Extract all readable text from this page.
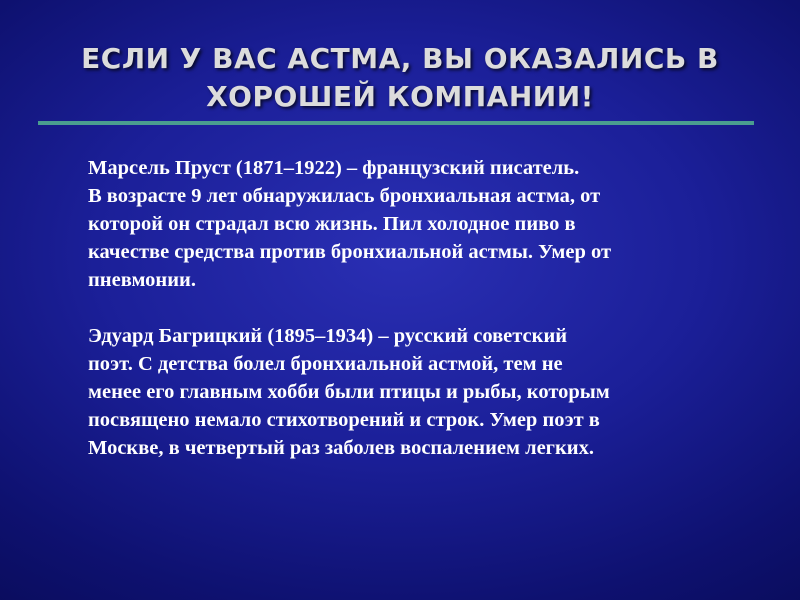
ЕСЛИ У ВАС АСТМА, ВЫ ОКАЗАЛИСЬ В
ХОРОШЕЙ КОМПАНИИ!

Марсель Пруст (1871–1922) – французский писатель.
В возрасте 9 лет обнаружилась бронхиальная астма, от
которой он страдал всю жизнь. Пил холодное пиво в
качестве средства против бронхиальной астмы. Умер от
пневмонии.

Эдуард Багрицкий (1895–1934) – русский советский
поэт. С детства болел бронхиальной астмой, тем не
менее его главным хобби были птицы и рыбы, которым
посвящено немало стихотворений и строк. Умер поэт в
Москве, в четвертый раз заболев воспалением легких.
